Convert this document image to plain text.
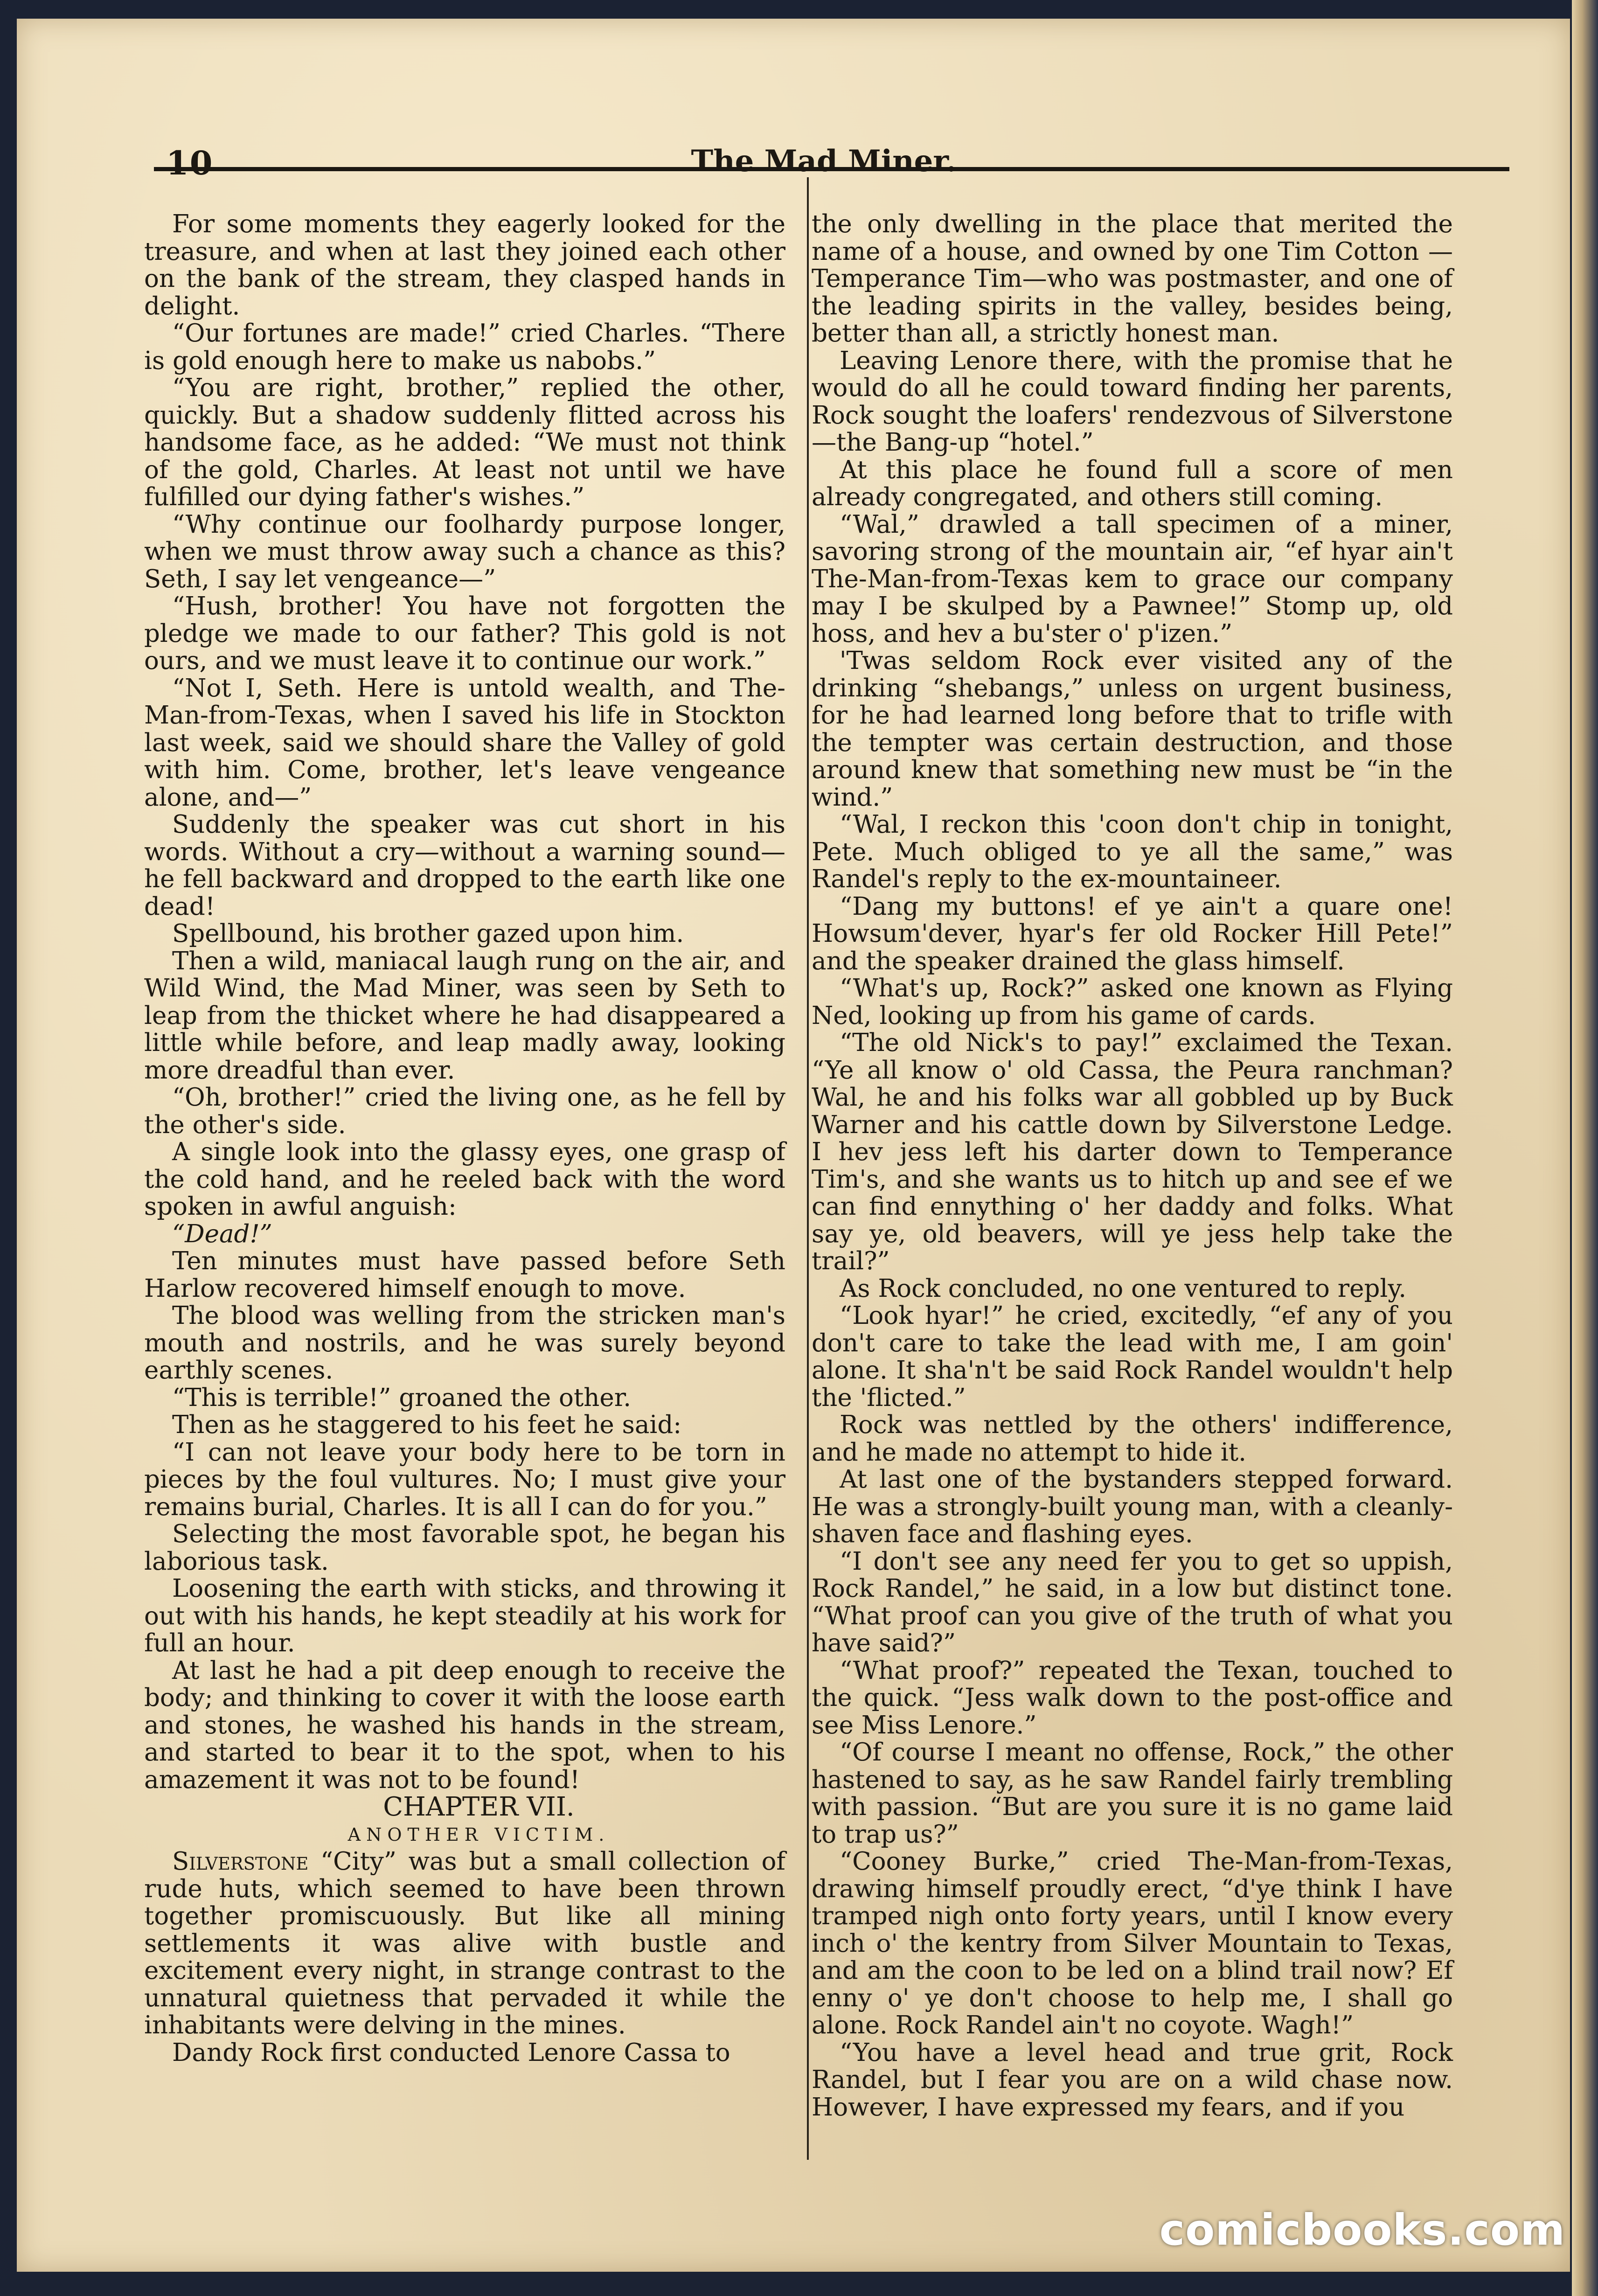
10	The Mad Miner.

For some moments they eagerly looked for the treasure, and when at last they joined each other on the bank of the stream, they clasped hands in delight.

“Our fortunes are made!” cried Charles. “There is gold enough here to make us nabobs.”

“You are right, brother,” replied the other, quickly. But a shadow suddenly flitted across his handsome face, as he added: “We must not think of the gold, Charles. At least not until we have fulfilled our dying father's wishes.”

“Why continue our foolhardy purpose longer, when we must throw away such a chance as this? Seth, I say let vengeance—”

“Hush, brother! You have not forgotten the pledge we made to our father? This gold is not ours, and we must leave it to continue our work.”

“Not I, Seth. Here is untold wealth, and The-Man-from-Texas, when I saved his life in Stockton last week, said we should share the Valley of gold with him. Come, brother, let's leave vengeance alone, and—”

Suddenly the speaker was cut short in his words. Without a cry—without a warning sound—he fell backward and dropped to the earth like one dead!

Spellbound, his brother gazed upon him.

Then a wild, maniacal laugh rung on the air, and Wild Wind, the Mad Miner, was seen by Seth to leap from the thicket where he had disappeared a little while before, and leap madly away, looking more dreadful than ever.

“Oh, brother!” cried the living one, as he fell by the other's side.

A single look into the glassy eyes, one grasp of the cold hand, and he reeled back with the word spoken in awful anguish:

“Dead!”

Ten minutes must have passed before Seth Harlow recovered himself enough to move.

The blood was welling from the stricken man's mouth and nostrils, and he was surely beyond earthly scenes.

“This is terrible!” groaned the other.

Then as he staggered to his feet he said:

“I can not leave your body here to be torn in pieces by the foul vultures. No; I must give your remains burial, Charles. It is all I can do for you.”

Selecting the most favorable spot, he began his laborious task.

Loosening the earth with sticks, and throwing it out with his hands, he kept steadily at his work for full an hour.

At last he had a pit deep enough to receive the body; and thinking to cover it with the loose earth and stones, he washed his hands in the stream, and started to bear it to the spot, when to his amazement it was not to be found!

CHAPTER VII.

ANOTHER VICTIM.

Silverstone “City” was but a small collection of rude huts, which seemed to have been thrown together promiscuously. But like all mining settlements it was alive with bustle and excitement every night, in strange contrast to the unnatural quietness that pervaded it while the inhabitants were delving in the mines.

Dandy Rock first conducted Lenore Cassa to

the only dwelling in the place that merited the name of a house, and owned by one Tim Cotton —Temperance Tim—who was postmaster, and one of the leading spirits in the valley, besides being, better than all, a strictly honest man.

Leaving Lenore there, with the promise that he would do all he could toward finding her parents, Rock sought the loafers' rendezvous of Silverstone—the Bang-up “hotel.”

At this place he found full a score of men already congregated, and others still coming.

“Wal,” drawled a tall specimen of a miner, savoring strong of the mountain air, “ef hyar ain't The-Man-from-Texas kem to grace our company may I be skulped by a Pawnee!” Stomp up, old hoss, and hev a bu'ster o' p'izen.”

'Twas seldom Rock ever visited any of the drinking “shebangs,” unless on urgent business, for he had learned long before that to trifle with the tempter was certain destruction, and those around knew that something new must be “in the wind.”

“Wal, I reckon this 'coon don't chip in tonight, Pete. Much obliged to ye all the same,” was Randel's reply to the ex-mountaineer.

“Dang my buttons! ef ye ain't a quare one! Howsum'dever, hyar's fer old Rocker Hill Pete!” and the speaker drained the glass himself.

“What's up, Rock?” asked one known as Flying Ned, looking up from his game of cards.

“The old Nick's to pay!” exclaimed the Texan. “Ye all know o' old Cassa, the Peura ranchman? Wal, he and his folks war all gobbled up by Buck Warner and his cattle down by Silverstone Ledge. I hev jess left his darter down to Temperance Tim's, and she wants us to hitch up and see ef we can find ennything o' her daddy and folks. What say ye, old beavers, will ye jess help take the trail?”

As Rock concluded, no one ventured to reply.

“Look hyar!” he cried, excitedly, “ef any of you don't care to take the lead with me, I am goin' alone. It sha'n't be said Rock Randel wouldn't help the 'flicted.”

Rock was nettled by the others' indifference, and he made no attempt to hide it.

At last one of the bystanders stepped forward. He was a strongly-built young man, with a cleanly-shaven face and flashing eyes.

“I don't see any need fer you to get so uppish, Rock Randel,” he said, in a low but distinct tone. “What proof can you give of the truth of what you have said?”

“What proof?” repeated the Texan, touched to the quick. “Jess walk down to the post-office and see Miss Lenore.”

“Of course I meant no offense, Rock,” the other hastened to say, as he saw Randel fairly trembling with passion. “But are you sure it is no game laid to trap us?”

“Cooney Burke,” cried The-Man-from-Texas, drawing himself proudly erect, “d'ye think I have tramped nigh onto forty years, until I know every inch o' the kentry from Silver Mountain to Texas, and am the coon to be led on a blind trail now? Ef enny o' ye don't choose to help me, I shall go alone. Rock Randel ain't no coyote. Wagh!”

“You have a level head and true grit, Rock Randel, but I fear you are on a wild chase now. However, I have expressed my fears, and if you

comicbooks.com
